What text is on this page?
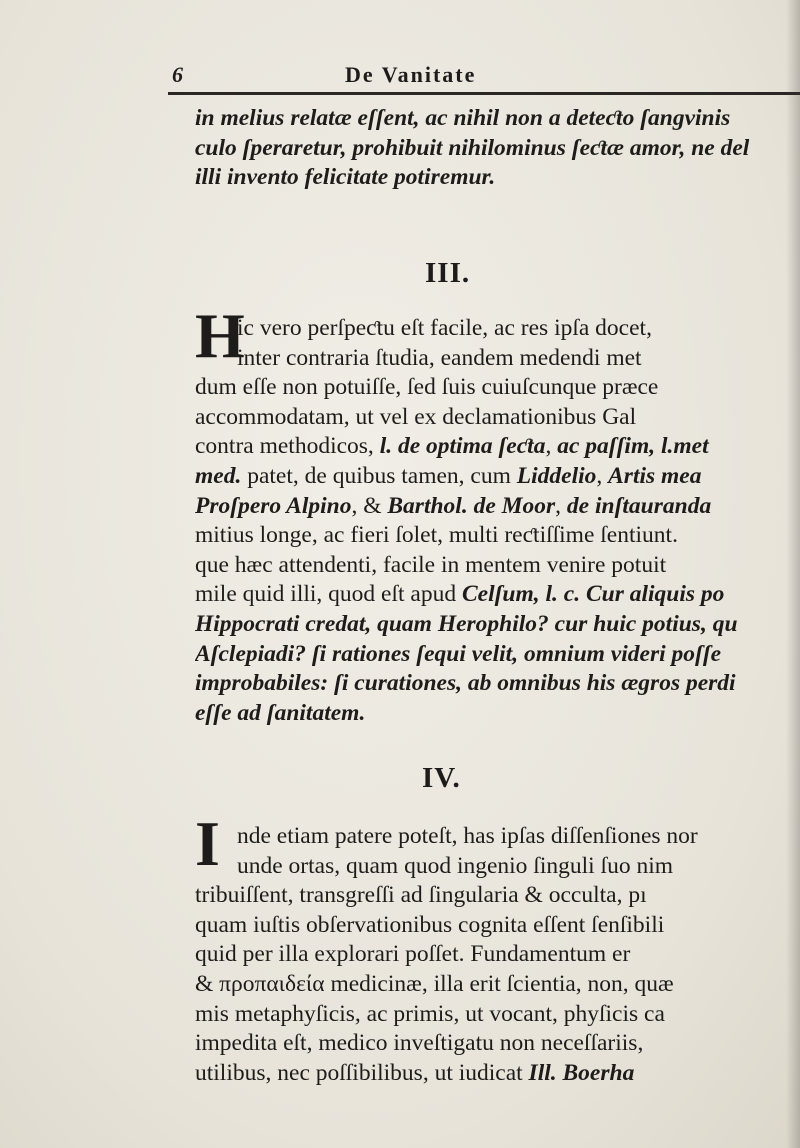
6	De Vanitate
in melius relatæ eſſent, ac nihil non a deteƈto ſangvinis
culo ſperaretur, prohibuit nihilominus ſeƈtæ amor, ne del
illi invento felicitate potiremur.
III.
H
ic vero perſpeƈtu eſt facile, ac res ipſa docet,
inter contraria ſtudia, eandem medendi met
dum eſſe non potuiſſe, ſed ſuis cuiuſcunque præce
accommodatam, ut vel ex declamationibus Gal
contra methodicos, l. de optima ſeƈta, ac paſſim, l.met
med. patet, de quibus tamen, cum Liddelio, Artis mea
Proſpero Alpino, & Barthol. de Moor, de inſtauranda
mitius longe, ac fieri ſolet, multi reƈtiſſime ſentiunt.
que hæc attendenti, facile in mentem venire potuit
mile quid illi, quod eſt apud Celſum, l. c. Cur aliquis po
Hippocrati credat, quam Herophilo? cur huic potius, qu
Aſclepiadi? ſi rationes ſequi velit, omnium videri poſſe
improbabiles: ſi curationes, ab omnibus his ægros perdi
eſſe ad ſanitatem.
IV.
I nde etiam patere poteſt, has ipſas diſſenſiones nor
unde ortas, quam quod ingenio ſinguli ſuo nim
tribuiſſent, transgreſſi ad ſingularia & occulta, pı
quam iuſtis obſervationibus cognita eſſent ſenſibili
quid per illa explorari poſſet. Fundamentum er
& προπαιδεία medicinæ, illa erit ſcientia, non, quæ
mis metaphyſicis, ac primis, ut vocant, phyſicis ca
impedita eſt, medico inveſtigatu non neceſſariis,
utilibus, nec poſſibilibus, ut iudicat Ill. Boerha
